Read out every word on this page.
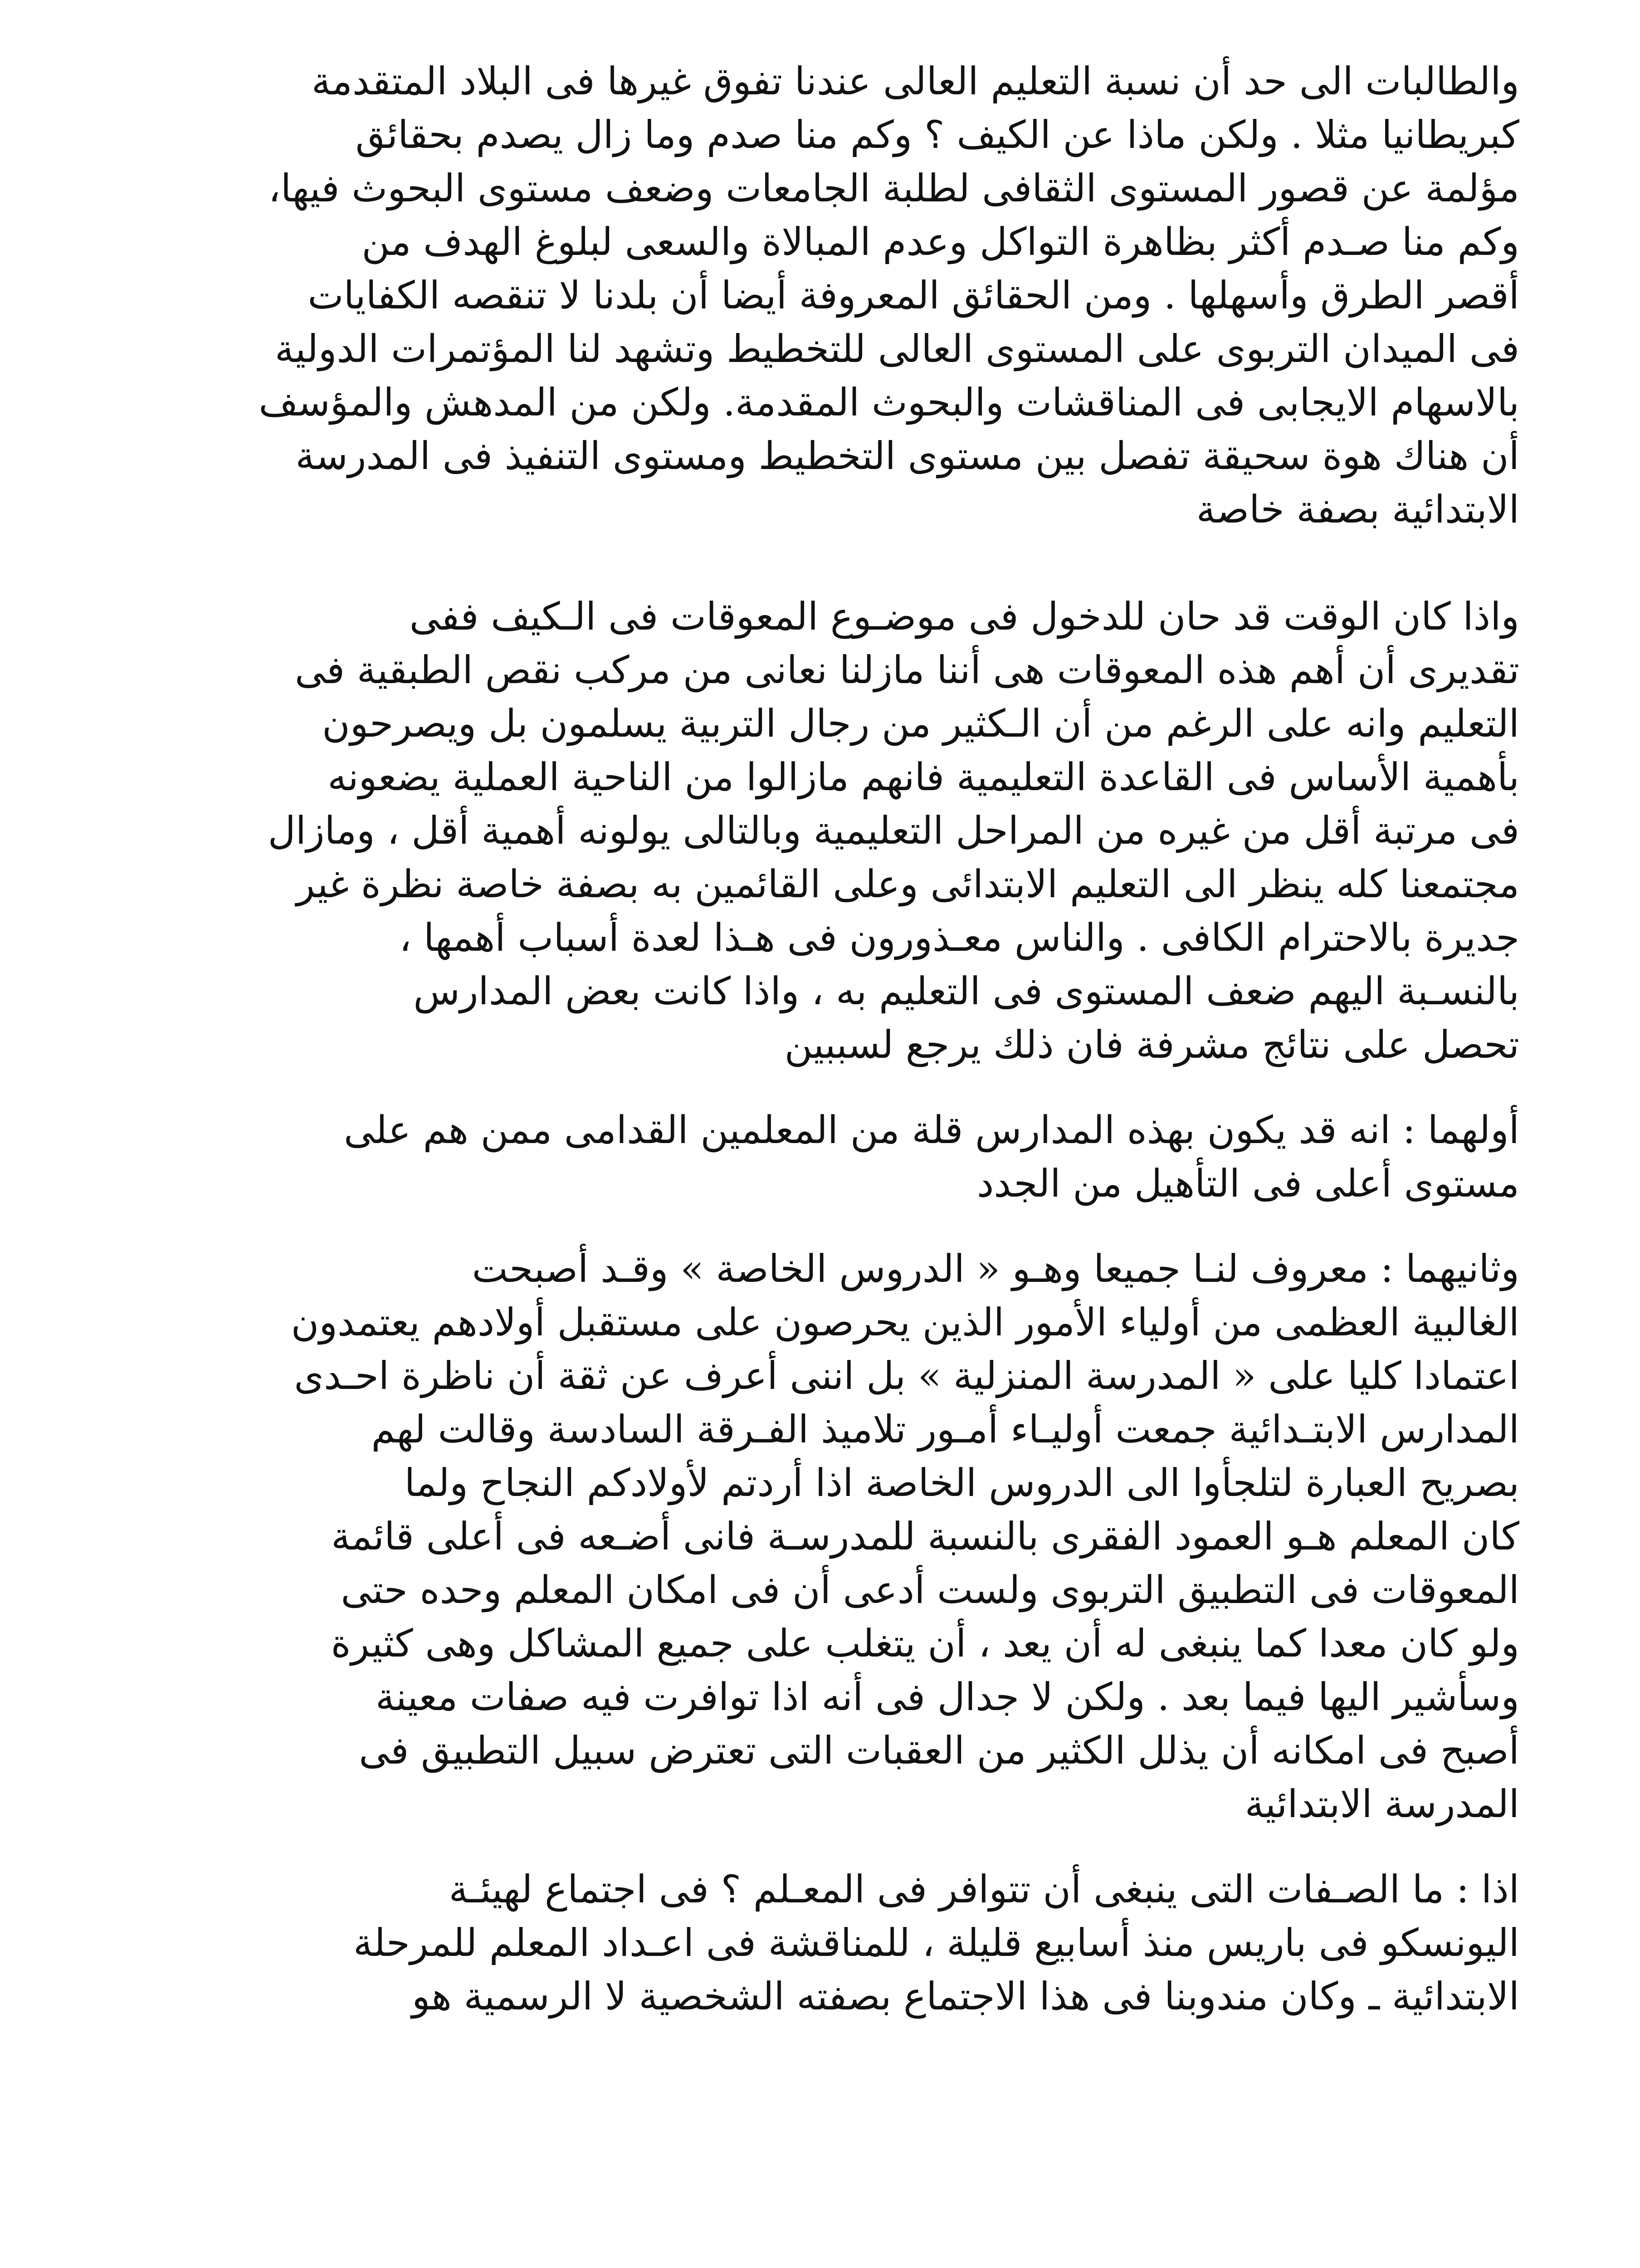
والطالبات الى حد أن نسبة التعليم العالى عندنا تفوق غيرها فى البلاد المتقدمة
كبريطانيا مثلا . ولكن ماذا عن الكيف ؟ وكم منا صدم وما زال يصدم بحقائق
مؤلمة عن قصور المستوى الثقافى لطلبة الجامعات وضعف مستوى البحوث فيها،
وكم منا صـدم أكثر بظاهرة التواكل وعدم المبالاة والسعى لبلوغ الهدف من
أقصر الطرق وأسهلها . ومن الحقائق المعروفة أيضا أن بلدنا لا تنقصه الكفايات
فى الميدان التربوى على المستوى العالى للتخطيط وتشهد لنا المؤتمرات الدولية
بالاسهام الايجابى فى المناقشات والبحوث المقدمة. ولكن من المدهش والمؤسف
أن هناك هوة سحيقة تفصل بين مستوى التخطيط ومستوى التنفيذ فى المدرسة
الابتدائية بصفة خاصة

واذا كان الوقت قد حان للدخول فى موضـوع المعوقات فى الـكيف ففى
تقديرى أن أهم هذه المعوقات هى أننا مازلنا نعانى من مركب نقص الطبقية فى
التعليم وانه على الرغم من أن الـكثير من رجال التربية يسلمون بل ويصرحون
بأهمية الأساس فى القاعدة التعليمية فانهم مازالوا من الناحية العملية يضعونه
فى مرتبة أقل من غيره من المراحل التعليمية وبالتالى يولونه أهمية أقل ، ومازال
مجتمعنا كله ينظر الى التعليم الابتدائى وعلى القائمين به بصفة خاصة نظرة غير
جديرة بالاحترام الكافى . والناس معـذورون فى هـذا لعدة أسباب أهمها ،
بالنسـبة اليهم ضعف المستوى فى التعليم به ، واذا كانت بعض المدارس
تحصل على نتائج مشرفة فان ذلك يرجع لسببين

أولهما : انه قد يكون بهذه المدارس قلة من المعلمين القدامى ممن هم على
مستوى أعلى فى التأهيل من الجدد

وثانيهما : معروف لنـا جميعا وهـو « الدروس الخاصة » وقـد أصبحت
الغالبية العظمى من أولياء الأمور الذين يحرصون على مستقبل أولادهم يعتمدون
اعتمادا كليا على « المدرسة المنزلية » بل اننى أعرف عن ثقة أن ناظرة احـدى
المدارس الابتـدائية جمعت أوليـاء أمـور تلاميذ الفـرقة السادسة وقالت لهم
بصريح العبارة لتلجأوا الى الدروس الخاصة اذا أردتم لأولادكم النجاح ولما
كان المعلم هـو العمود الفقرى بالنسبة للمدرسـة فانى أضـعه فى أعلى قائمة
المعوقات فى التطبيق التربوى ولست أدعى أن فى امكان المعلم وحده حتى
ولو كان معدا كما ينبغى له أن يعد ، أن يتغلب على جميع المشاكل وهى كثيرة
وسأشير اليها فيما بعد . ولكن لا جدال فى أنه اذا توافرت فيه صفات معينة
أصبح فى امكانه أن يذلل الكثير من العقبات التى تعترض سبيل التطبيق فى
المدرسة الابتدائية

اذا : ما الصـفات التى ينبغى أن تتوافر فى المعـلم ؟ فى اجتماع لهيئـة
اليونسكو فى باريس منذ أسابيع قليلة ، للمناقشة فى اعـداد المعلم للمرحلة
الابتدائية ـ وكان مندوبنا فى هذا الاجتماع بصفته الشخصية لا الرسمية هو
